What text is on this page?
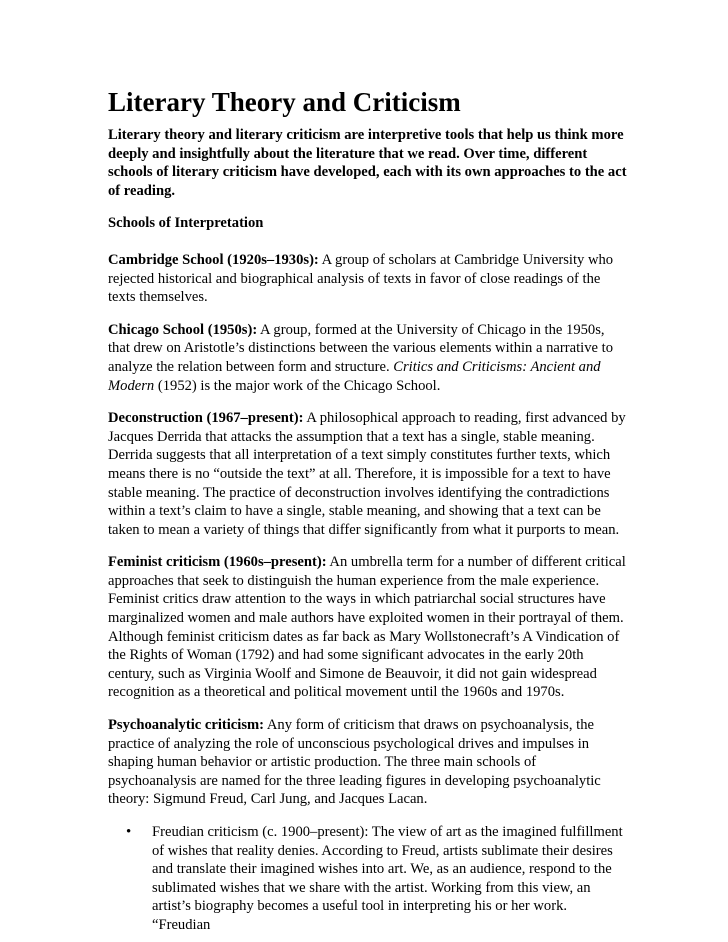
Literary Theory and Criticism

Literary theory and literary criticism are interpretive tools that help us think more deeply and insightfully about the literature that we read. Over time, different schools of literary criticism have developed, each with its own approaches to the act of reading.

Schools of Interpretation

Cambridge School (1920s–1930s): A group of scholars at Cambridge University who rejected historical and biographical analysis of texts in favor of close readings of the texts themselves.

Chicago School (1950s): A group, formed at the University of Chicago in the 1950s, that drew on Aristotle’s distinctions between the various elements within a narrative to analyze the relation between form and structure. Critics and Criticisms: Ancient and Modern (1952) is the major work of the Chicago School.

Deconstruction (1967–present): A philosophical approach to reading, first advanced by Jacques Derrida that attacks the assumption that a text has a single, stable meaning. Derrida suggests that all interpretation of a text simply constitutes further texts, which means there is no “outside the text” at all. Therefore, it is impossible for a text to have stable meaning. The practice of deconstruction involves identifying the contradictions within a text’s claim to have a single, stable meaning, and showing that a text can be taken to mean a variety of things that differ significantly from what it purports to mean.

Feminist criticism (1960s–present): An umbrella term for a number of different critical approaches that seek to distinguish the human experience from the male experience. Feminist critics draw attention to the ways in which patriarchal social structures have marginalized women and male authors have exploited women in their portrayal of them. Although feminist criticism dates as far back as Mary Wollstonecraft’s A Vindication of the Rights of Woman (1792) and had some significant advocates in the early 20th century, such as Virginia Woolf and Simone de Beauvoir, it did not gain widespread recognition as a theoretical and political movement until the 1960s and 1970s.

Psychoanalytic criticism: Any form of criticism that draws on psychoanalysis, the practice of analyzing the role of unconscious psychological drives and impulses in shaping human behavior or artistic production. The three main schools of psychoanalysis are named for the three leading figures in developing psychoanalytic theory: Sigmund Freud, Carl Jung, and Jacques Lacan.

• Freudian criticism (c. 1900–present): The view of art as the imagined fulfillment of wishes that reality denies. According to Freud, artists sublimate their desires and translate their imagined wishes into art. We, as an audience, respond to the sublimated wishes that we share with the artist. Working from this view, an artist’s biography becomes a useful tool in interpreting his or her work. “Freudian
